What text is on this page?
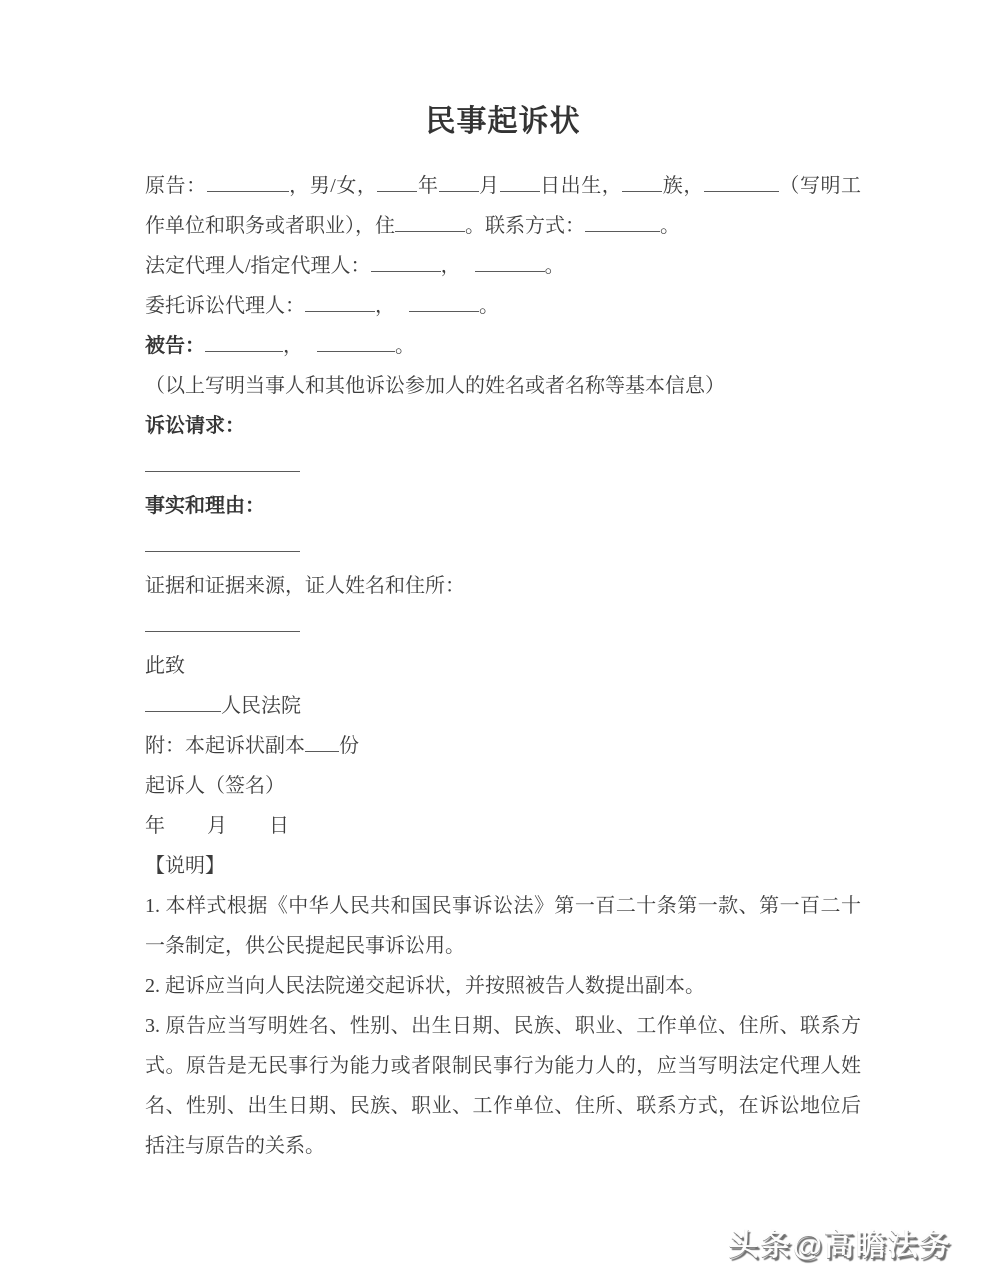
民事起诉状

原告：	，男/女， 年 月 日出生， 族，	（写明工作单位和职务或者职业），住	。联系方式：	。

法定代理人/指定代理人：	，	。

委托诉讼代理人：	，	。

被告：	，	。

（以上写明当事人和其他诉讼参加人的姓名或者名称等基本信息）

诉讼请求：

事实和理由：

证据和证据来源，证人姓名和住所：

此致

人民法院

附：本起诉状副本 份

起诉人（签名）

年 月 日

【说明】

1. 本样式根据《中华人民共和国民事诉讼法》第一百二十条第一款、第一百二十一条制定，供公民提起民事诉讼用。

2. 起诉应当向人民法院递交起诉状，并按照被告人数提出副本。

3. 原告应当写明姓名、性别、出生日期、民族、职业、工作单位、住所、联系方式。原告是无民事行为能力或者限制民事行为能力人的，应当写明法定代理人姓名、性别、出生日期、民族、职业、工作单位、住所、联系方式，在诉讼地位后括注与原告的关系。

头条@高瞻法务
